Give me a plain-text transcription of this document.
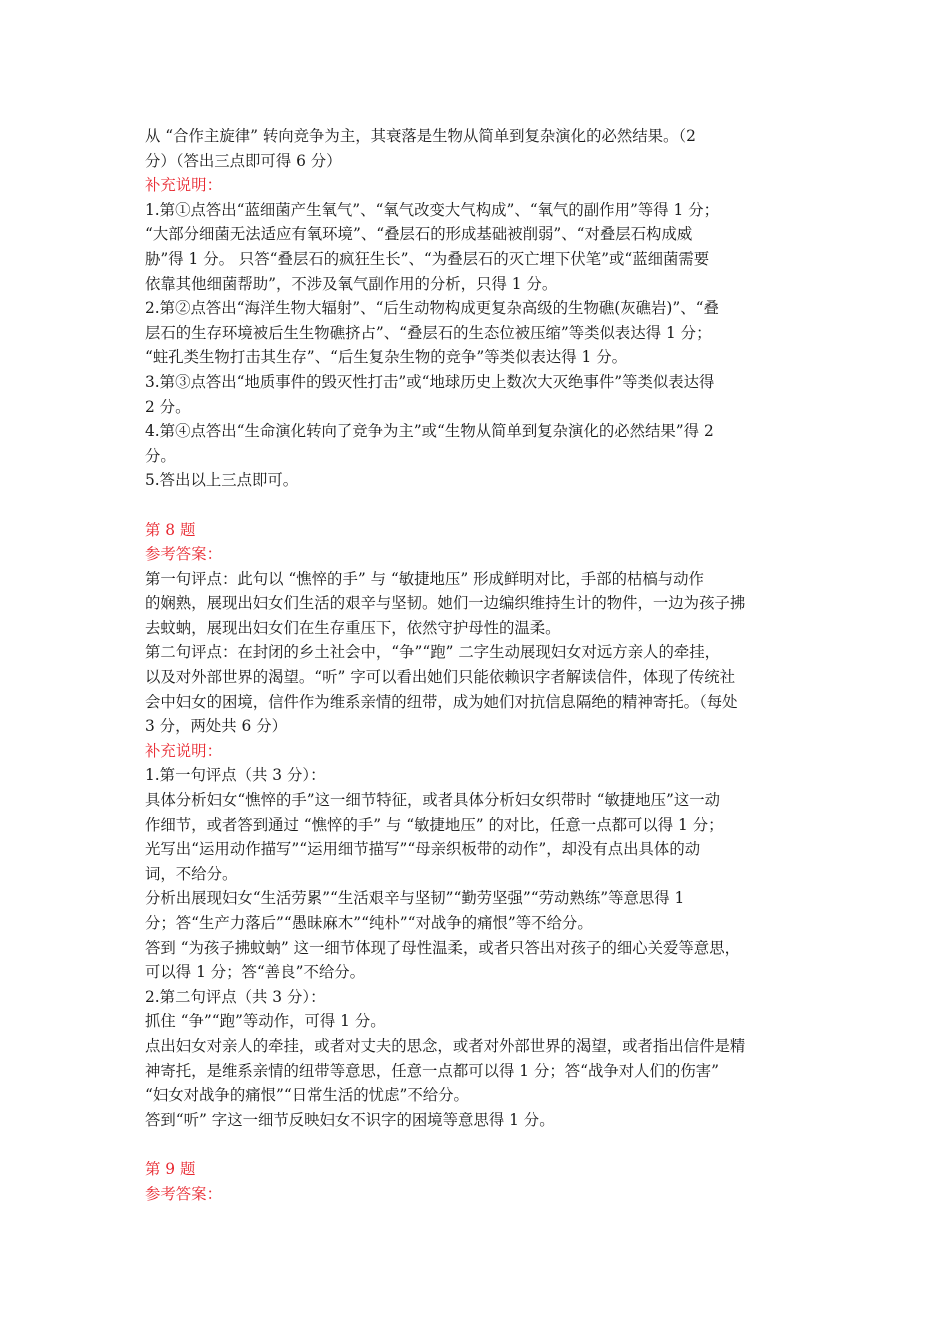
从 “合作主旋律” 转向竞争为主，其衰落是生物从简单到复杂演化的必然结果。（2
分）（答出三点即可得 6 分）
补充说明：
1.第①点答出“蓝细菌产生氧气”、“氧气改变大气构成”、“氧气的副作用”等得 1 分；
“大部分细菌无法适应有氧环境”、“叠层石的形成基础被削弱”、“对叠层石构成威
胁”得 1 分。 只答“叠层石的疯狂生长”、“为叠层石的灭亡埋下伏笔”或“蓝细菌需要
依靠其他细菌帮助”，不涉及氧气副作用的分析，只得 1 分。
2.第②点答出“海洋生物大辐射”、“后生动物构成更复杂高级的生物礁(灰礁岩)”、“叠
层石的生存环境被后生生物礁挤占”、“叠层石的生态位被压缩”等类似表达得 1 分；
“蛀孔类生物打击其生存”、“后生复杂生物的竞争”等类似表达得 1 分。
3.第③点答出“地质事件的毁灭性打击”或“地球历史上数次大灭绝事件”等类似表达得
2 分。
4.第④点答出“生命演化转向了竞争为主”或“生物从简单到复杂演化的必然结果”得 2
分。
5.答出以上三点即可。
第 8 题
参考答案：
第一句评点：此句以 “憔悴的手” 与 “敏捷地压” 形成鲜明对比，手部的枯槁与动作
的娴熟，展现出妇女们生活的艰辛与坚韧。她们一边编织维持生计的物件，一边为孩子拂
去蚊蚋，展现出妇女们在生存重压下，依然守护母性的温柔。
第二句评点：在封闭的乡土社会中，“争”“跑” 二字生动展现妇女对远方亲人的牵挂，
以及对外部世界的渴望。“听” 字可以看出她们只能依赖识字者解读信件，体现了传统社
会中妇女的困境，信件作为维系亲情的纽带，成为她们对抗信息隔绝的精神寄托。（每处
3 分，两处共 6 分）
补充说明：
1.第一句评点（共 3 分）：
具体分析妇女“憔悴的手”这一细节特征，或者具体分析妇女织带时 “敏捷地压”这一动
作细节，或者答到通过 “憔悴的手” 与 “敏捷地压” 的对比，任意一点都可以得 1 分；
光写出“运用动作描写”“运用细节描写”“母亲织板带的动作”，却没有点出具体的动
词，不给分。
分析出展现妇女“生活劳累”“生活艰辛与坚韧”“勤劳坚强”“劳动熟练”等意思得 1
分；答“生产力落后”“愚昧麻木”“纯朴”“对战争的痛恨”等不给分。
答到 “为孩子拂蚊蚋” 这一细节体现了母性温柔，或者只答出对孩子的细心关爱等意思，
可以得 1 分；答“善良”不给分。
2.第二句评点（共 3 分）：
抓住 “争”“跑”等动作，可得 1 分。
点出妇女对亲人的牵挂，或者对丈夫的思念，或者对外部世界的渴望，或者指出信件是精
神寄托，是维系亲情的纽带等意思，任意一点都可以得 1 分；答“战争对人们的伤害”
“妇女对战争的痛恨”“日常生活的忧虑”不给分。
答到“听” 字这一细节反映妇女不识字的困境等意思得 1 分。
第 9 题
参考答案：
